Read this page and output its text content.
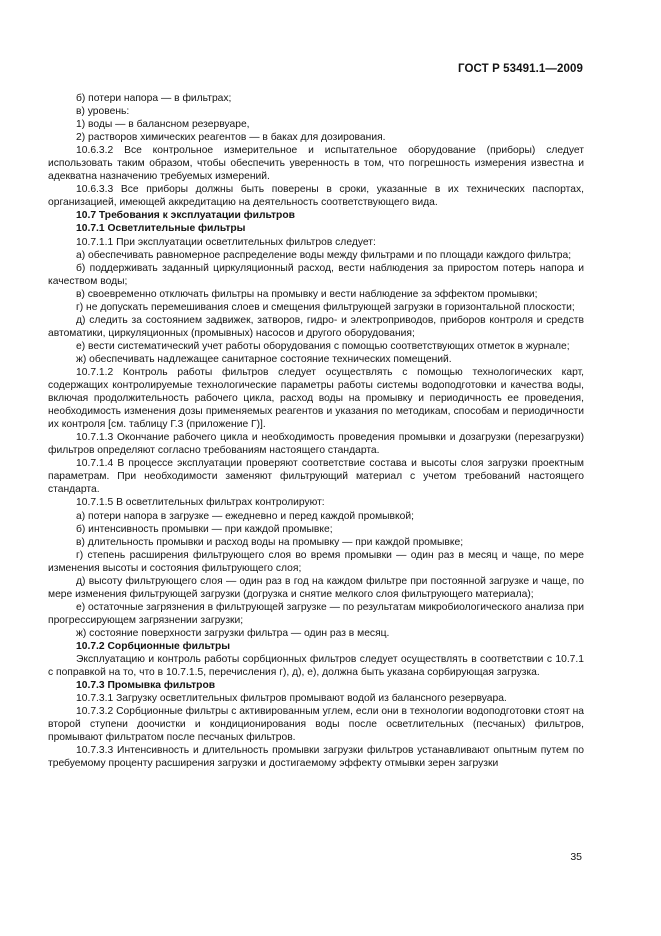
ГОСТ Р 53491.1—2009

б) потери напора — в фильтрах;

в) уровень:

1) воды — в балансном резервуаре,

2) растворов химических реагентов — в баках для дозирования.

10.6.3.2 Все контрольное измерительное и испытательное оборудование (приборы) следует использовать таким образом, чтобы обеспечить уверенность в том, что погрешность измерения известна и адекватна назначению требуемых измерений.

10.6.3.3 Все приборы должны быть поверены в сроки, указанные в их технических паспортах, организацией, имеющей аккредитацию на деятельность соответствующего вида.

10.7 Требования к эксплуатации фильтров

10.7.1 Осветлительные фильтры

10.7.1.1 При эксплуатации осветлительных фильтров следует:

а) обеспечивать равномерное распределение воды между фильтрами и по площади каждого фильтра;

б) поддерживать заданный циркуляционный расход, вести наблюдения за приростом потерь напора и качеством воды;

в) своевременно отключать фильтры на промывку и вести наблюдение за эффектом промывки;

г) не допускать перемешивания слоев и смещения фильтрующей загрузки в горизонтальной плоскости;

д) следить за состоянием задвижек, затворов, гидро- и электроприводов, приборов контроля и средств автоматики, циркуляционных (промывных) насосов и другого оборудования;

е) вести систематический учет работы оборудования с помощью соответствующих отметок в журнале;

ж) обеспечивать надлежащее санитарное состояние технических помещений.

10.7.1.2 Контроль работы фильтров следует осуществлять с помощью технологических карт, содержащих контролируемые технологические параметры работы системы водоподготовки и качества воды, включая продолжительность рабочего цикла, расход воды на промывку и периодичность ее проведения, необходимость изменения дозы применяемых реагентов и указания по методикам, способам и периодичности их контроля [см. таблицу Г.3 (приложение Г)].

10.7.1.3 Окончание рабочего цикла и необходимость проведения промывки и дозагрузки (перезагрузки) фильтров определяют согласно требованиям настоящего стандарта.

10.7.1.4 В процессе эксплуатации проверяют соответствие состава и высоты слоя загрузки проектным параметрам. При необходимости заменяют фильтрующий материал с учетом требований настоящего стандарта.

10.7.1.5 В осветлительных фильтрах контролируют:

а) потери напора в загрузке — ежедневно и перед каждой промывкой;

б) интенсивность промывки — при каждой промывке;

в) длительность промывки и расход воды на промывку — при каждой промывке;

г) степень расширения фильтрующего слоя во время промывки — один раз в месяц и чаще, по мере изменения высоты и состояния фильтрующего слоя;

д) высоту фильтрующего слоя — один раз в год на каждом фильтре при постоянной загрузке и чаще, по мере изменения фильтрующей загрузки (догрузка и снятие мелкого слоя фильтрующего материала);

е) остаточные загрязнения в фильтрующей загрузке — по результатам микробиологического анализа при прогрессирующем загрязнении загрузки;

ж) состояние поверхности загрузки фильтра — один раз в месяц.

10.7.2 Сорбционные фильтры

Эксплуатацию и контроль работы сорбционных фильтров следует осуществлять в соответствии с 10.7.1 с поправкой на то, что в 10.7.1.5, перечисления г), д), е), должна быть указана сорбирующая загрузка.

10.7.3 Промывка фильтров

10.7.3.1 Загрузку осветлительных фильтров промывают водой из балансного резервуара.

10.7.3.2 Сорбционные фильтры с активированным углем, если они в технологии водоподготовки стоят на второй ступени доочистки и кондиционирования воды после осветлительных (песчаных) фильтров, промывают фильтратом после песчаных фильтров.

10.7.3.3 Интенсивность и длительность промывки загрузки фильтров устанавливают опытным путем по требуемому проценту расширения загрузки и достигаемому эффекту отмывки зерен загрузки

35
